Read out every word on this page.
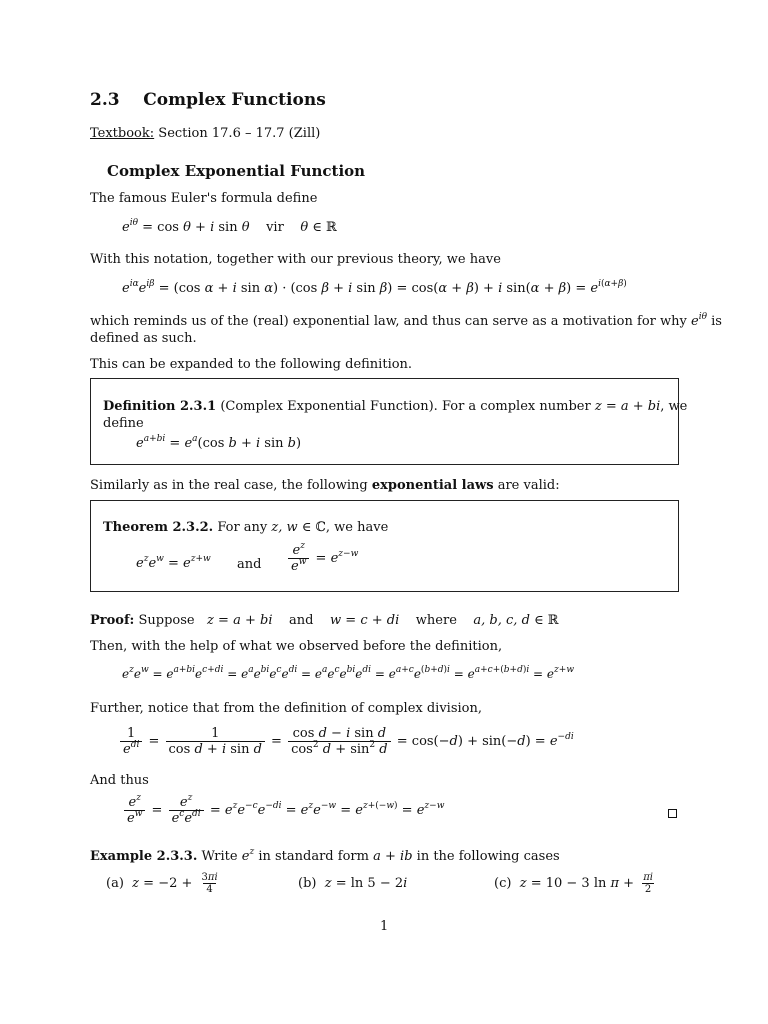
2.3 Complex Functions
Textbook: Section 17.6 – 17.7 (Zill)
Complex Exponential Function
The famous Euler's formula define
$e^{i\theta} = \cos \theta + i$ sin θ vir θ ∈ ℝ
With this notation, together with our previous theory, we have
$e^{i\alpha}e^{i\beta} = (\cos$ α + i sin α) · (cos β + i sin β) = cos(α + β) + i $\sin(\alpha + \beta) = e^{i(\alpha+\beta)}$
which reminds us of the (real) exponential law, and thus can serve as a motivation for why $e^{i\theta}$ is
defined as such.
This can be expanded to the following definition.
Definition 2.3.1 (Complex Exponential Function). For a complex number z = a + bi, we
define
$e^{a+bi} = e^a(\cos$ b + i sin b)
Similarly as in the real case, the following exponential laws are valid:
Theorem 2.3.2. For any z, w ∈ ℂ, we have
$e^ze^w = e^{z+w}$ and $\frac{e^z}{e^w} = e^{z-w}$
Proof: Suppose z = a + bi and w = c + di where a, b, c, d ∈ ℝ
Then, with the help of what we observed before the definition,
$e^ze^w = e^{a+bi}e^{c+di} = e^ae^{bi}e^ce^{di} = e^ae^ce^{bi}e^{di} = e^{a+c}e^{(b+d)i} = e^{a+c+(b+d)i} = e^{z+w}$
Further, notice that from the definition of complex division,
$\frac{1}{e^{di}} = \frac{1}{\text{cos d + i sin d}} = \frac{\text{cos d − i sin d}}{\cos^2 d + \sin^2 d} = \cos(-d) + \sin(-d) = e^{-di}$
And thus
$\frac{e^z}{e^w} = \frac{e^z}{e^ce^{di}} = e^ze^{-c}e^{-di} = e^ze^{-w} = e^{z+(-w)} = e^{z-w}$
Example 2.3.3. Write $e^z$ in standard form a + ib in the following cases
(a) $z = -2 + \frac{3\pi i}{4}$	(b) z = ln 5 − 2i	(c) z = 10 − 3 $\ln \pi + \frac{\pi i}{2}$
1
